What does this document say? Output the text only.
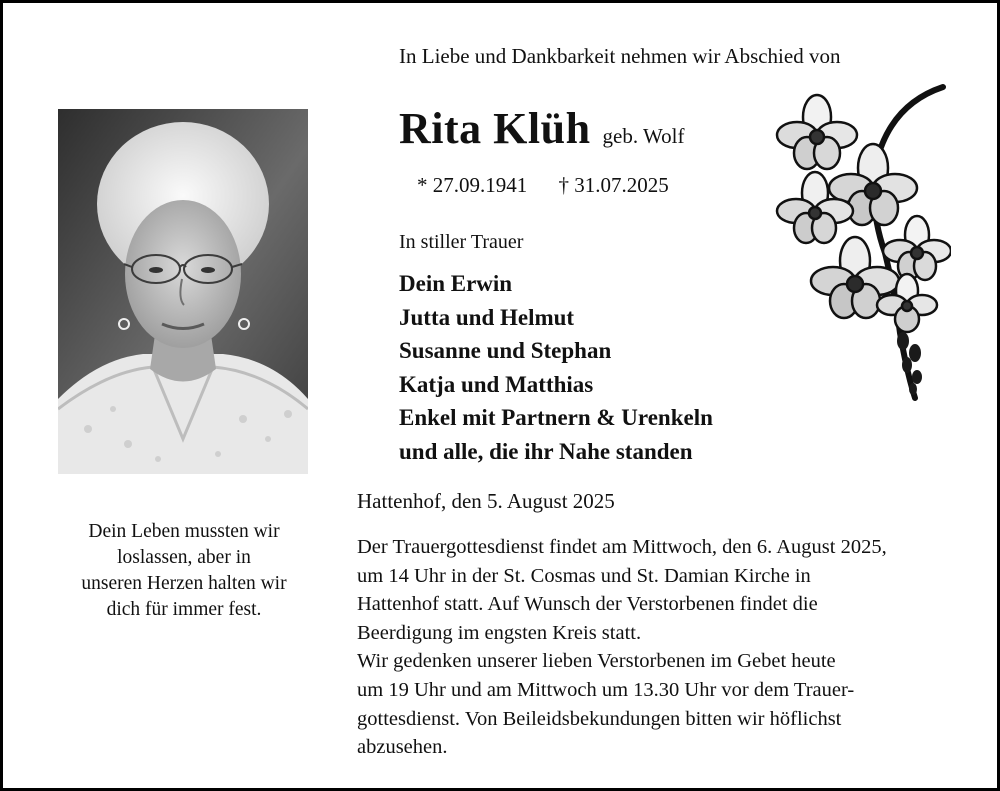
In Liebe und Dankbarkeit nehmen wir Abschied von
Rita Klüh geb. Wolf
* 27.09.1941 † 31.07.2025
In stiller Trauer
Dein Erwin
Jutta und Helmut
Susanne und Stephan
Katja und Matthias
Enkel mit Partnern & Urenkeln
und alle, die ihr Nahe standen
Dein Leben mussten wir
loslassen, aber in
unseren Herzen halten wir
dich für immer fest.
Hattenhof, den 5. August 2025
Der Trauergottesdienst findet am Mittwoch, den 6. August 2025,
um 14 Uhr in der St. Cosmas und St. Damian Kirche in
Hattenhof statt. Auf Wunsch der Verstorbenen findet die
Beerdigung im engsten Kreis statt.
Wir gedenken unserer lieben Verstorbenen im Gebet heute
um 19 Uhr und am Mittwoch um 13.30 Uhr vor dem Trauer-
gottesdienst. Von Beileidsbekundungen bitten wir höflichst
abzusehen.
